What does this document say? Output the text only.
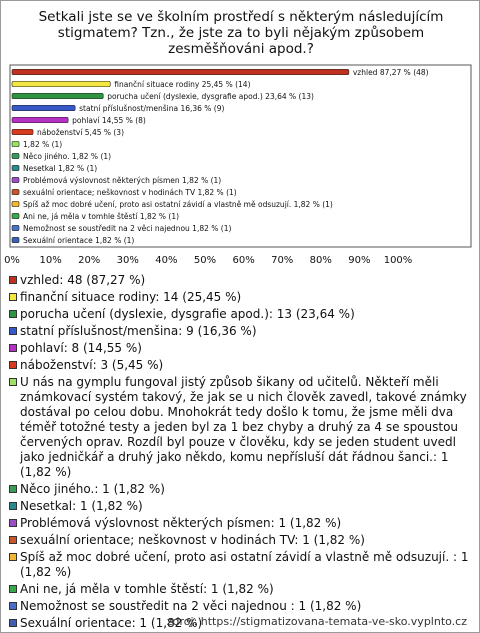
Setkali jste se ve školním prostředí s některým následujícím stigmatem? Tzn., že jste za to byli nějakým způsobem zesměšňováni apod.?
vzhled 87,27 % (48)
finanční situace rodiny 25,45 % (14)
porucha učení (dyslexie, dysgrafie apod.) 23,64 % (13)
statní příslušnost/menšina 16,36 % (9)
pohlaví 14,55 % (8)
náboženství 5,45 % (3)
1,82 % (1)
Něco jiného. 1,82 % (1)
Nesetkal 1,82 % (1)
Problémová výslovnost některých písmen 1,82 % (1)
sexuální orientace; neškovnost v hodinách TV 1,82 % (1)
Spíš až moc dobré učení, proto asi ostatní závidí a vlastně mě odsuzují. 1,82 % (1)
Ani ne, já měla v tomhle štěstí 1,82 % (1)
Nemožnost se soustředit na 2 věci najednou 1,82 % (1)
Sexuální orientace 1,82 % (1)
0% 10% 20% 30% 40% 50% 60% 70% 80% 90% 100%
vzhled: 48 (87,27 %)
finanční situace rodiny: 14 (25,45 %)
porucha učení (dyslexie, dysgrafie apod.): 13 (23,64 %)
statní příslušnost/menšina: 9 (16,36 %)
pohlaví: 8 (14,55 %)
náboženství: 3 (5,45 %)
U nás na gymplu fungoval jistý způsob šikany od učitelů. Někteří měli známkovací systém takový, že jak se u nich člověk zavedl, takové známky dostával po celou dobu. Mnohokrát tedy došlo k tomu, že jsme měli dva téměř totožné testy a jeden byl za 1 bez chyby a druhý za 4 se spoustou červených oprav. Rozdíl byl pouze v člověku, kdy se jeden student uvedl jako jedničkář a druhý jako někdo, komu nepřísluší dát řádnou šanci.: 1 (1,82 %)
Něco jiného.: 1 (1,82 %)
Nesetkal: 1 (1,82 %)
Problémová výslovnost některých písmen: 1 (1,82 %)
sexuální orientace; neškovnost v hodinách TV: 1 (1,82 %)
Spíš až moc dobré učení, proto asi ostatní závidí a vlastně mě odsuzují. : 1 (1,82 %)
Ani ne, já měla v tomhle štěstí: 1 (1,82 %)
Nemožnost se soustředit na 2 věci najednou : 1 (1,82 %)
Sexuální orientace: 1 (1,82 %)
zdroj: https://stigmatizovana-temata-ve-sko.vyplnto.cz
